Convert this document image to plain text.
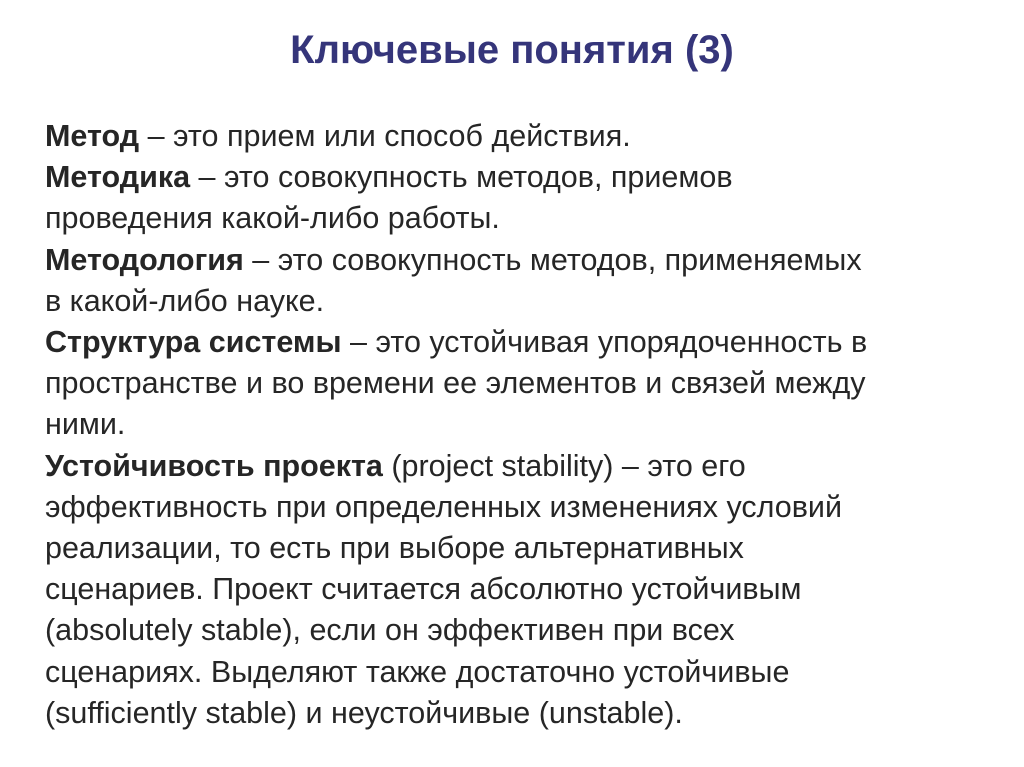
Ключевые понятия (3)

Метод – это прием или способ действия.

Методика – это совокупность методов, приемов
проведения какой-либо работы.

Методология – это совокупность методов, применяемых
в какой-либо науке.

Структура системы – это устойчивая упорядоченность в
пространстве и во времени ее элементов и связей между
ними.

Устойчивость проекта (project stability) – это его
эффективность при определенных изменениях условий
реализации, то есть при выборе альтернативных
сценариев. Проект считается абсолютно устойчивым
(absolutely stable), если он эффективен при всех
сценариях. Выделяют также достаточно устойчивые
(sufficiently stable) и неустойчивые (unstable).
